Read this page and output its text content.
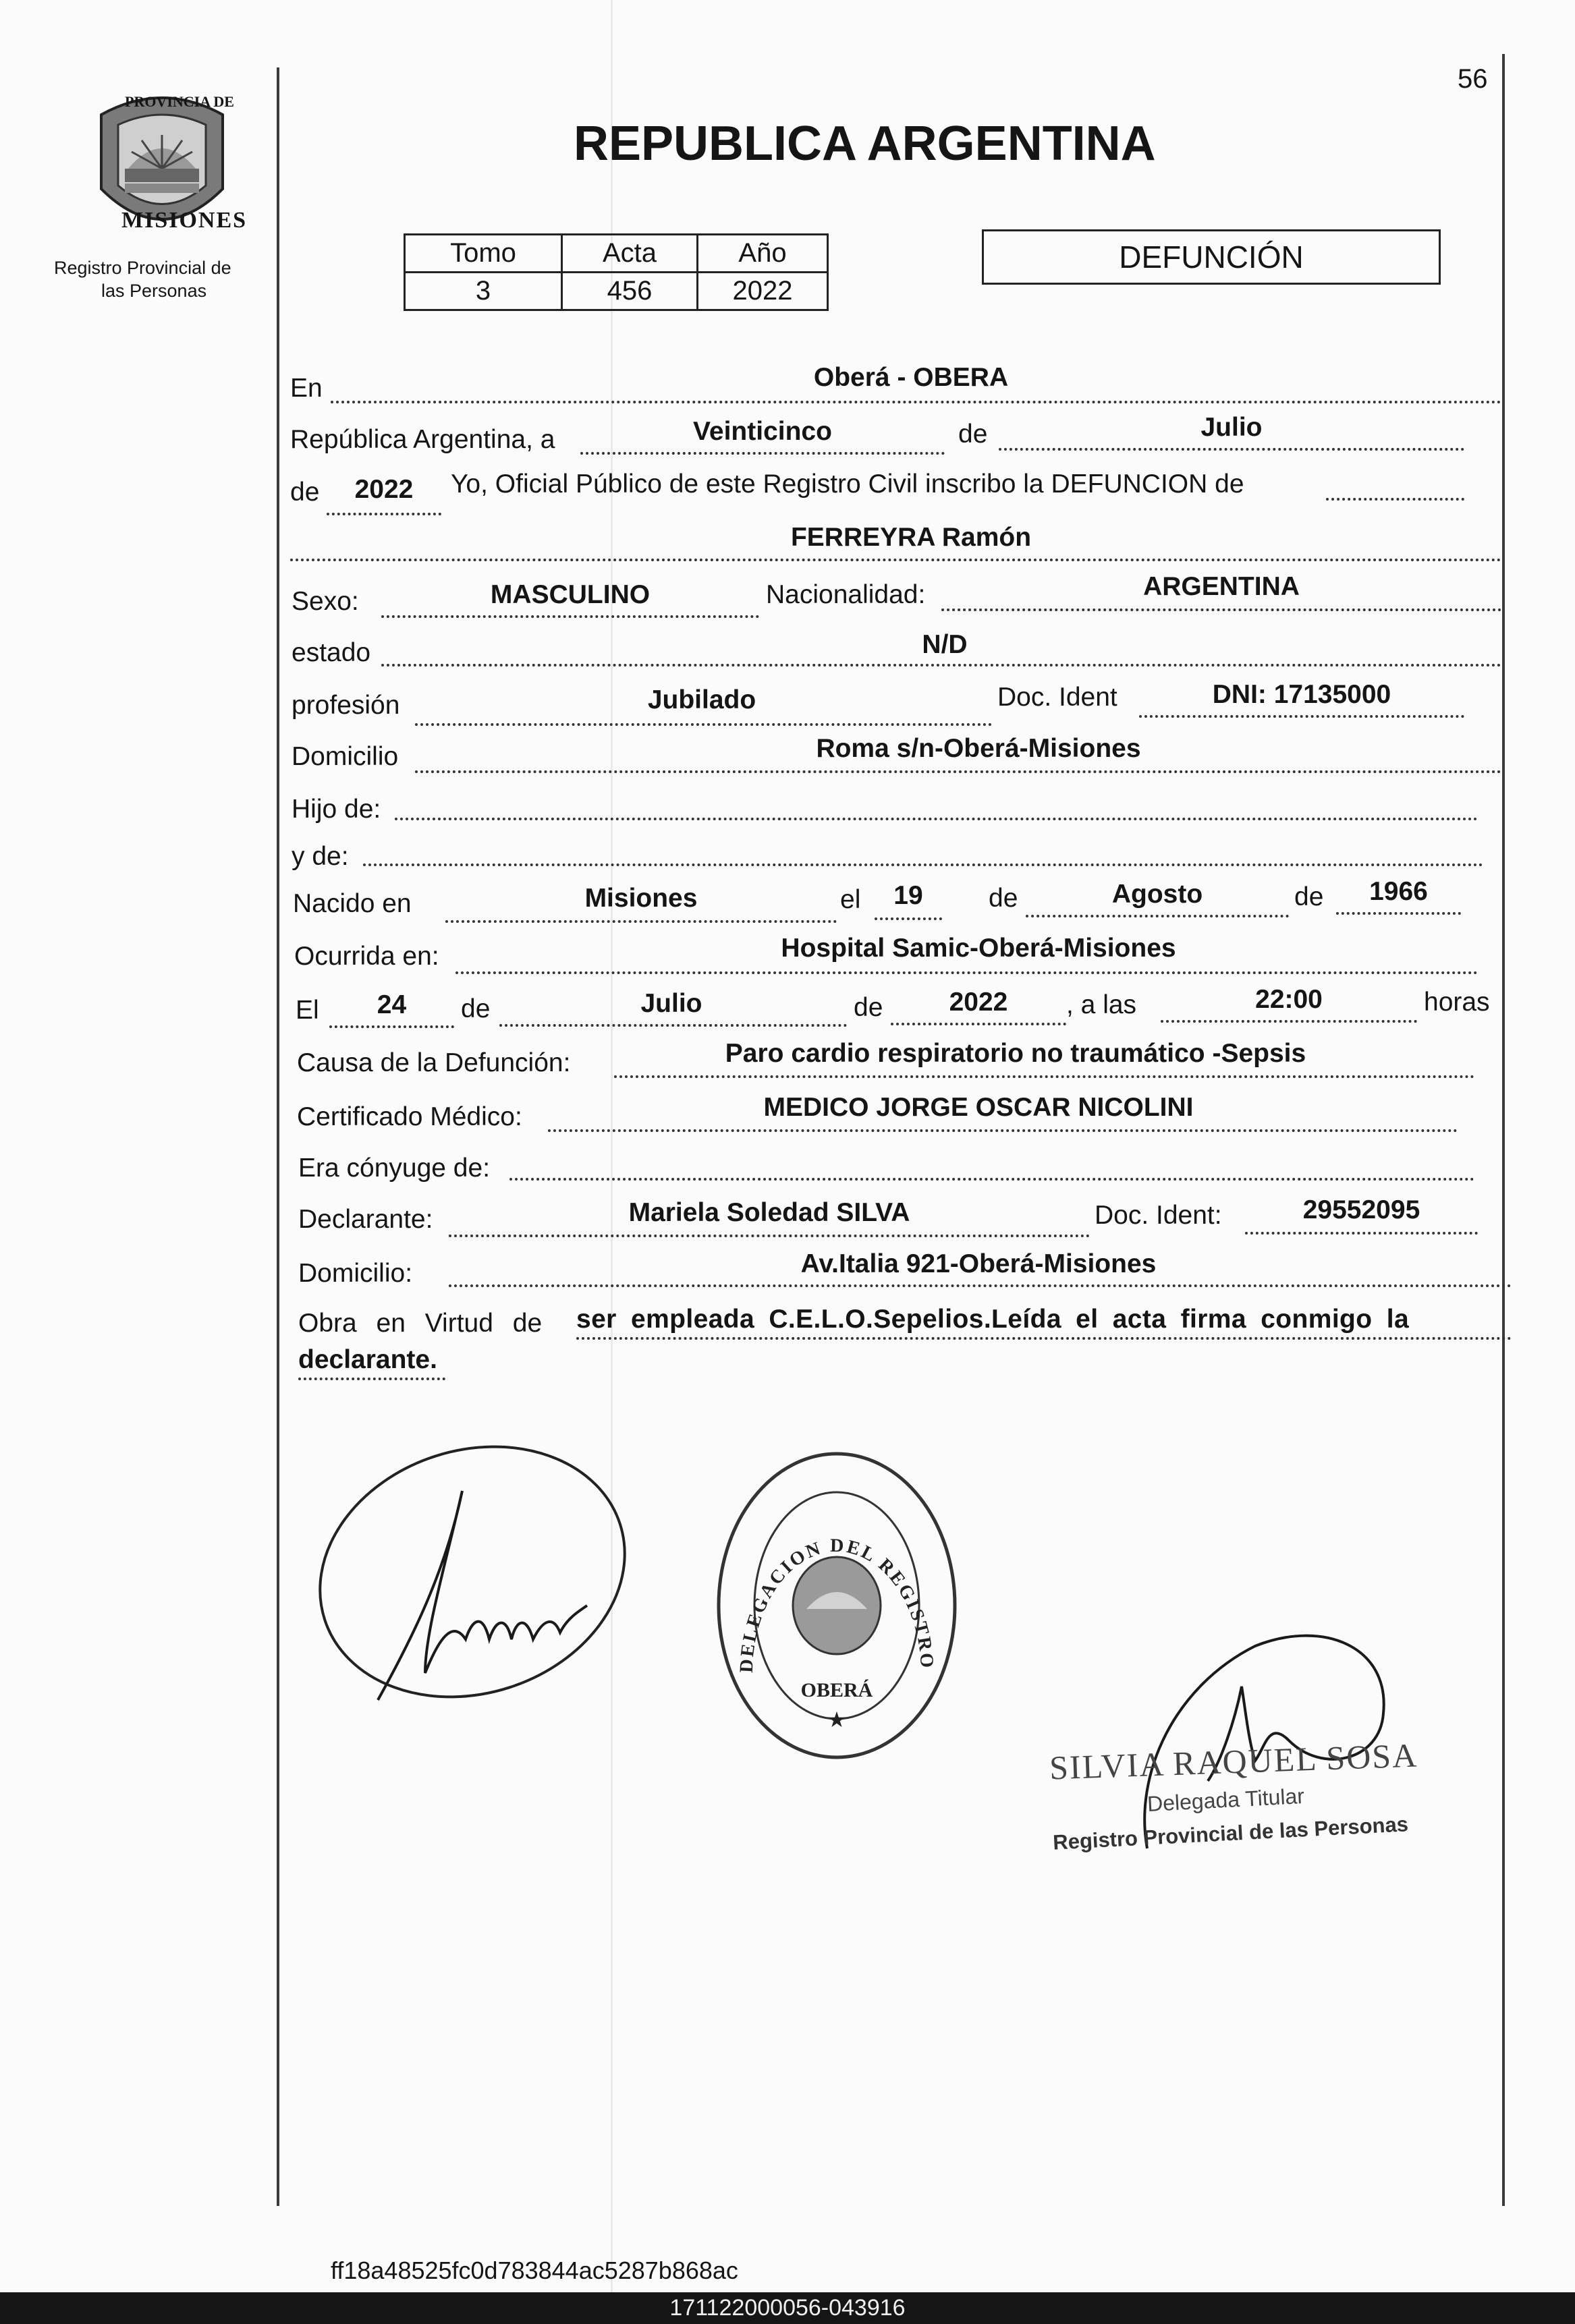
56
PROVINCIA DE
MISIONES
Registro Provincial de
las Personas
REPUBLICA ARGENTINA
Tomo	Acta	Año
3	456	2022
DEFUNCIÓN
En	Oberá - OBERA
República Argentina, a	Veinticinco	de	Julio
de	2022	Yo, Oficial Público de este Registro Civil inscribo la DEFUNCION de
FERREYRA Ramón
Sexo:	MASCULINO	Nacionalidad:	ARGENTINA
estado	N/D
profesión	Jubilado	Doc. Ident	DNI: 17135000
Domicilio	Roma s/n-Oberá-Misiones
Hijo de:
y de:
Nacido en	Misiones	el	19	de	Agosto	de	1966
Ocurrida en:	Hospital Samic-Oberá-Misiones
El	24	de	Julio	de	2022	, a las	22:00	horas
Causa de la Defunción:	Paro cardio respiratorio no traumático -Sepsis
Certificado Médico:	MEDICO JORGE OSCAR NICOLINI
Era cónyuge de:
Declarante:	Mariela Soledad SILVA	Doc. Ident:	29552095
Domicilio:	Av.Italia 921-Oberá-Misiones
Obra en Virtud de ser empleada C.E.L.O.Sepelios.Leída el acta firma conmigo la
declarante.
DELEGACION DEL REGISTRO
OBERÁ
★
SILVIA RAQUEL SOSA
Delegada Titular
Registro Provincial de las Personas
ff18a48525fc0d783844ac5287b868ac
171122000056-043916
